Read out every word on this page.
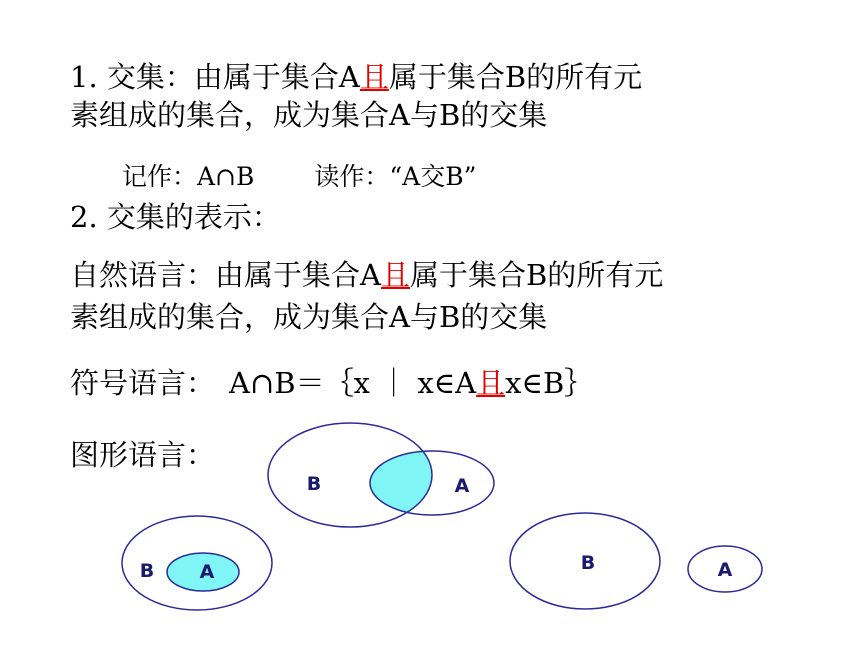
1. 交集：由属于集合A且属于集合B的所有元
素组成的集合，成为集合A与B的交集
记作：A∩B 读作：“A交B”
2. 交集的表示：
自然语言：由属于集合A且属于集合B的所有元
素组成的集合，成为集合A与B的交集
符号语言： A∩B＝｛x ｜ x∈A且x∈B｝
图形语言：
B	A
B A	B	A
